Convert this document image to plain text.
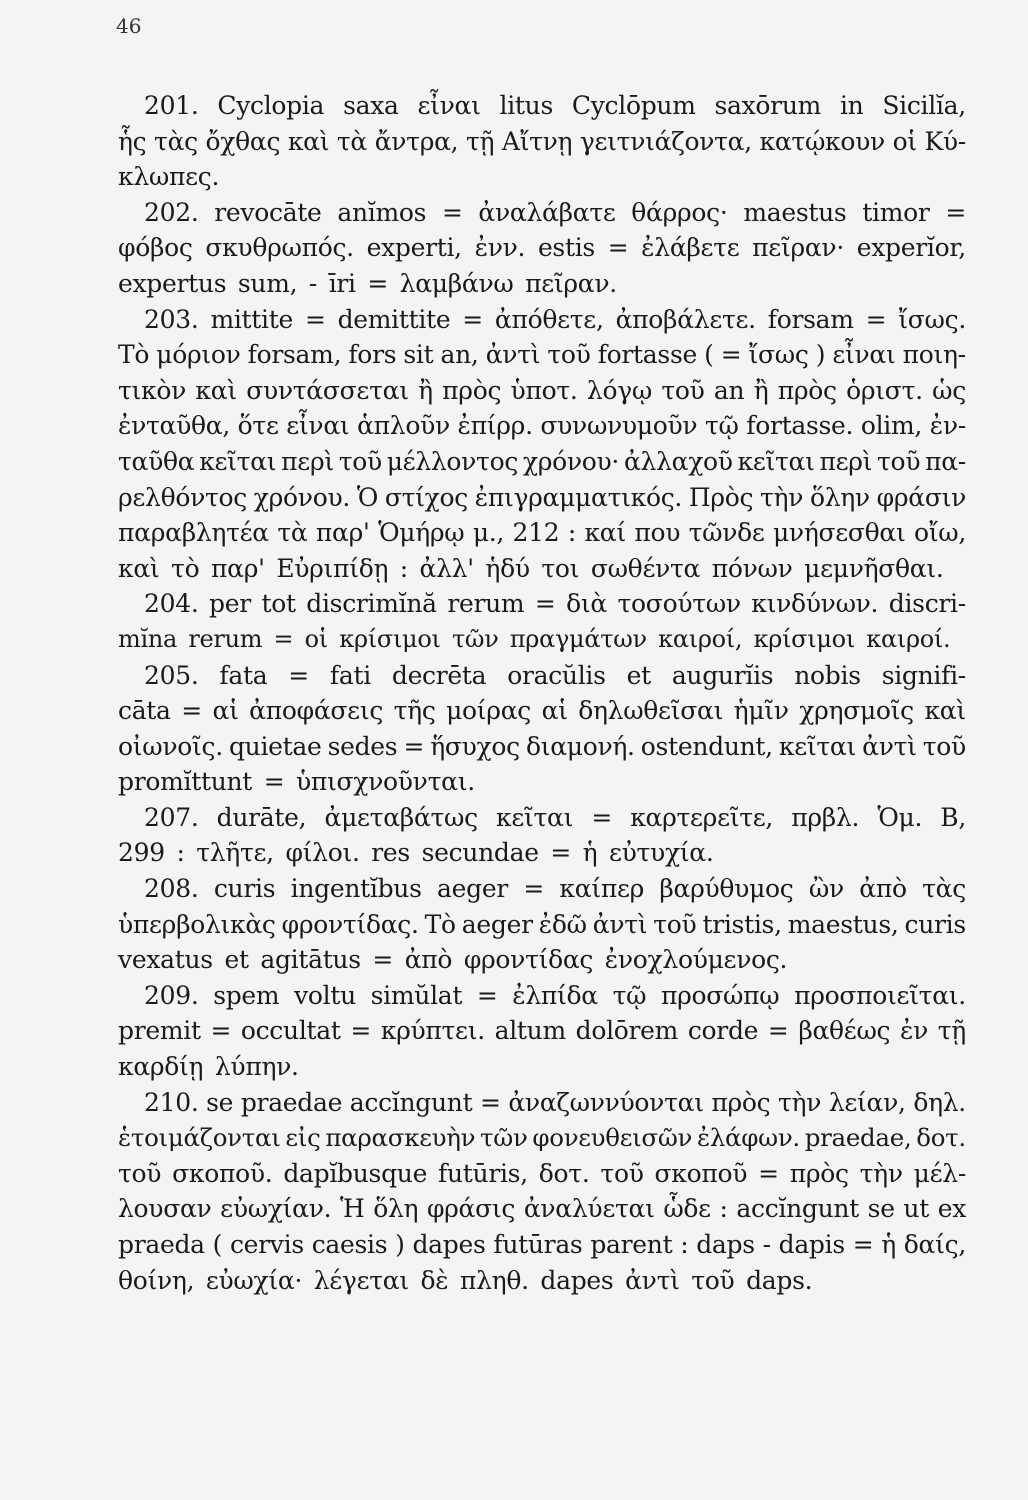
46
201. Cyclopia saxa εἶναι litus Cyclōpum saxōrum in Sicilĭa,
ἧς τὰς ὄχθας καὶ τὰ ἄντρα, τῇ Αἴτνῃ γειτνιάζοντα, κατῴκουν οἱ Κύ-
κλωπες.
202. revocāte anĭmos = ἀναλάβατε θάρρος· maestus timor =
φόβος σκυθρωπός. experti, ἐνν. estis = ἐλάβετε πεῖραν· experĭor,
expertus sum, - īri = λαμβάνω πεῖραν.
203. mittite = demittite = ἀπόθετε, ἀποβάλετε. forsam = ἴσως.
Τὸ μόριον forsam, fors sit an, ἀντὶ τοῦ fortasse ( = ἴσως ) εἶναι ποιη-
τικὸν καὶ συντάσσεται ἢ πρὸς ὑποτ. λόγῳ τοῦ an ἢ πρὸς ὁριστ. ὡς
ἐνταῦθα, ὅτε εἶναι ἁπλοῦν ἐπίρρ. συνωνυμοῦν τῷ fortasse. olim, ἐν-
ταῦθα κεῖται περὶ τοῦ μέλλοντος χρόνου· ἀλλαχοῦ κεῖται περὶ τοῦ πα-
ρελθόντος χρόνου. Ὁ στίχος ἐπιγραμματικός. Πρὸς τὴν ὅλην φράσιν
παραβλητέα τὰ παρ' Ὁμήρῳ μ., 212 : καί που τῶνδε μνήσεσθαι οἴω,
καὶ τὸ παρ' Εὐριπίδῃ : ἀλλ' ἡδύ τοι σωθέντα πόνων μεμνῆσθαι.
204. per tot discrimĭnă rerum = διὰ τοσούτων κινδύνων. discri-
mĭna rerum = οἱ κρίσιμοι τῶν πραγμάτων καιροί, κρίσιμοι καιροί.
205. fata = fati decrēta oracŭlis et augurĭis nobis signifi-
cāta = αἱ ἀποφάσεις τῆς μοίρας αἱ δηλωθεῖσαι ἡμῖν χρησμοῖς καὶ
οἰωνοῖς. quietae sedes = ἥσυχος διαμονή. ostendunt, κεῖται ἀντὶ τοῦ
promĭttunt = ὑπισχνοῦνται.
207. durāte, ἀμεταβάτως κεῖται = καρτερεῖτε, πρβλ. Ὁμ. B,
299 : τλῆτε, φίλοι. res secundae = ἡ εὐτυχία.
208. curis ingentĭbus aeger = καίπερ βαρύθυμος ὢν ἀπὸ τὰς
ὑπερβολικὰς φροντίδας. Τὸ aeger ἐδῶ ἀντὶ τοῦ tristis, maestus, curis
vexatus et agitātus = ἀπὸ φροντίδας ἐνοχλούμενος.
209. spem voltu simŭlat = ἐλπίδα τῷ προσώπῳ προσποιεῖται.
premit = occultat = κρύπτει. altum dolōrem corde = βαθέως ἐν τῇ
καρδίῃ λύπην.
210. se praedae accĭngunt = ἀναζωννύονται πρὸς τὴν λείαν, δηλ.
ἑτοιμάζονται εἰς παρασκευὴν τῶν φονευθεισῶν ἐλάφων. praedae, δοτ.
τοῦ σκοποῦ. dapĭbusque futūris, δοτ. τοῦ σκοποῦ = πρὸς τὴν μέλ-
λουσαν εὐωχίαν. Ἡ ὅλη φράσις ἀναλύεται ὧδε : accĭngunt se ut ex
praeda ( cervis caesis ) dapes futūras parent : daps - dapis = ἡ δαίς,
θοίνη, εὐωχία· λέγεται δὲ πληθ. dapes ἀντὶ τοῦ daps.
